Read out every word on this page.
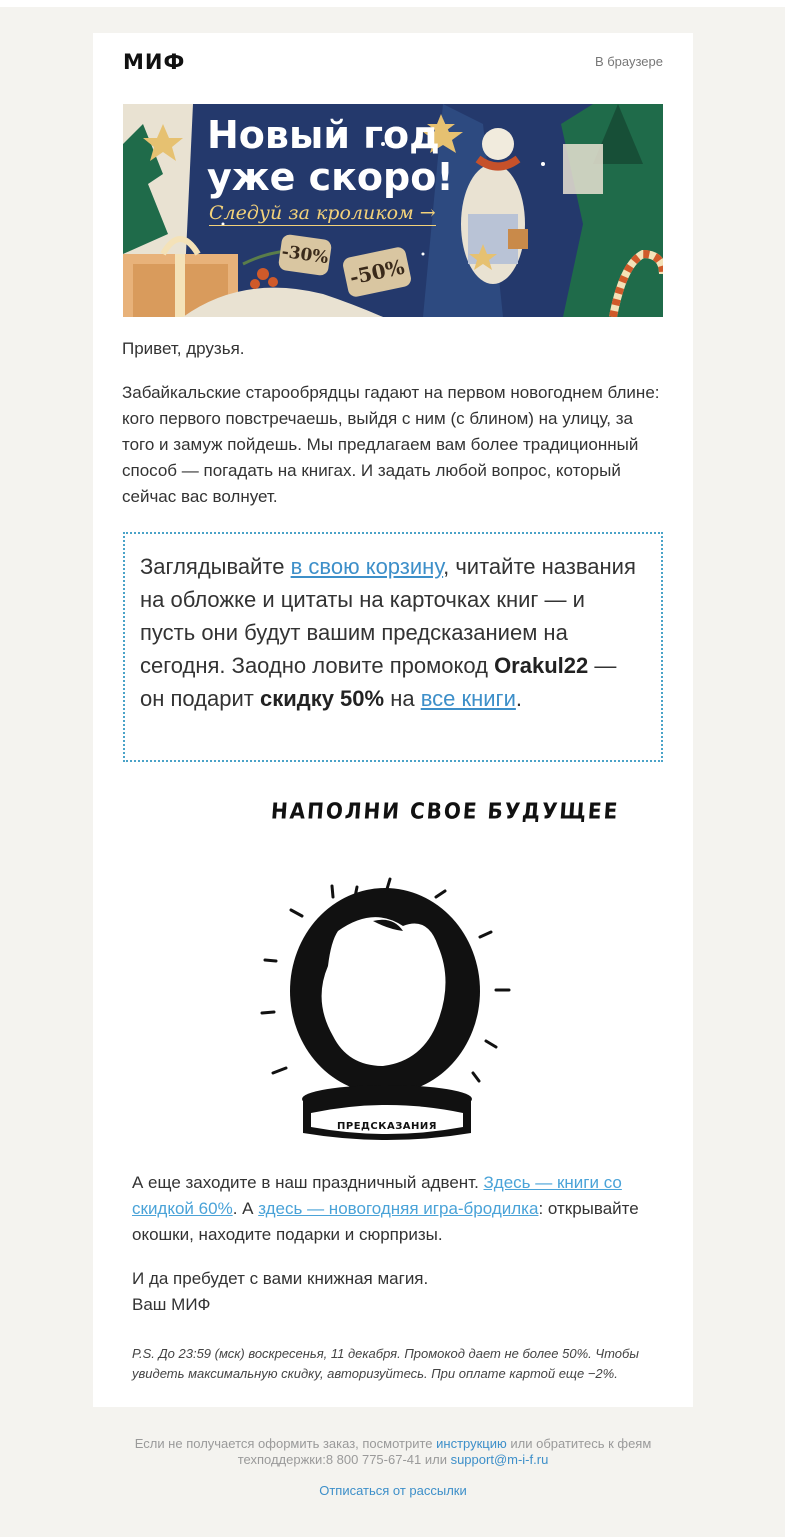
МИФ	В браузере
Новый год
уже скоро!
Следуй за кроликом →
-30% -50%

Привет, друзья.

Забайкальские старообрядцы гадают на первом новогоднем блине: кого первого повстречаешь, выйдя с ним (с блином) на улицу, за того и замуж пойдешь. Мы предлагаем вам более традиционный способ — погадать на книгах. И задать любой вопрос, который сейчас вас волнует.

Заглядывайте в свою корзину, читайте названия на обложке и цитаты на карточках книг — и пусть они будут вашим предсказанием на сегодня. Заодно ловите промокод Orakul22 — он подарит скидку 50% на все книги.
НАПОЛНИ СВОЕ БУДУЩЕЕ
ПРЕДСКАЗАНИЯ

А еще заходите в наш праздничный адвент. Здесь — книги со скидкой 60%. А здесь — новогодняя игра-бродилка: открывайте окошки, находите подарки и сюрпризы.

И да пребудет с вами книжная магия.
Ваш МИФ

P.S. До 23:59 (мск) воскресенья, 11 декабря. Промокод дает не более 50%. Чтобы увидеть максимальную скидку, авторизуйтесь. При оплате картой еще −2%.

Если не получается оформить заказ, посмотрите инструкцию или обратитесь к феям техподдержки:8 800 775-67-41 или support@m-i-f.ru
Отписаться от рассылки
